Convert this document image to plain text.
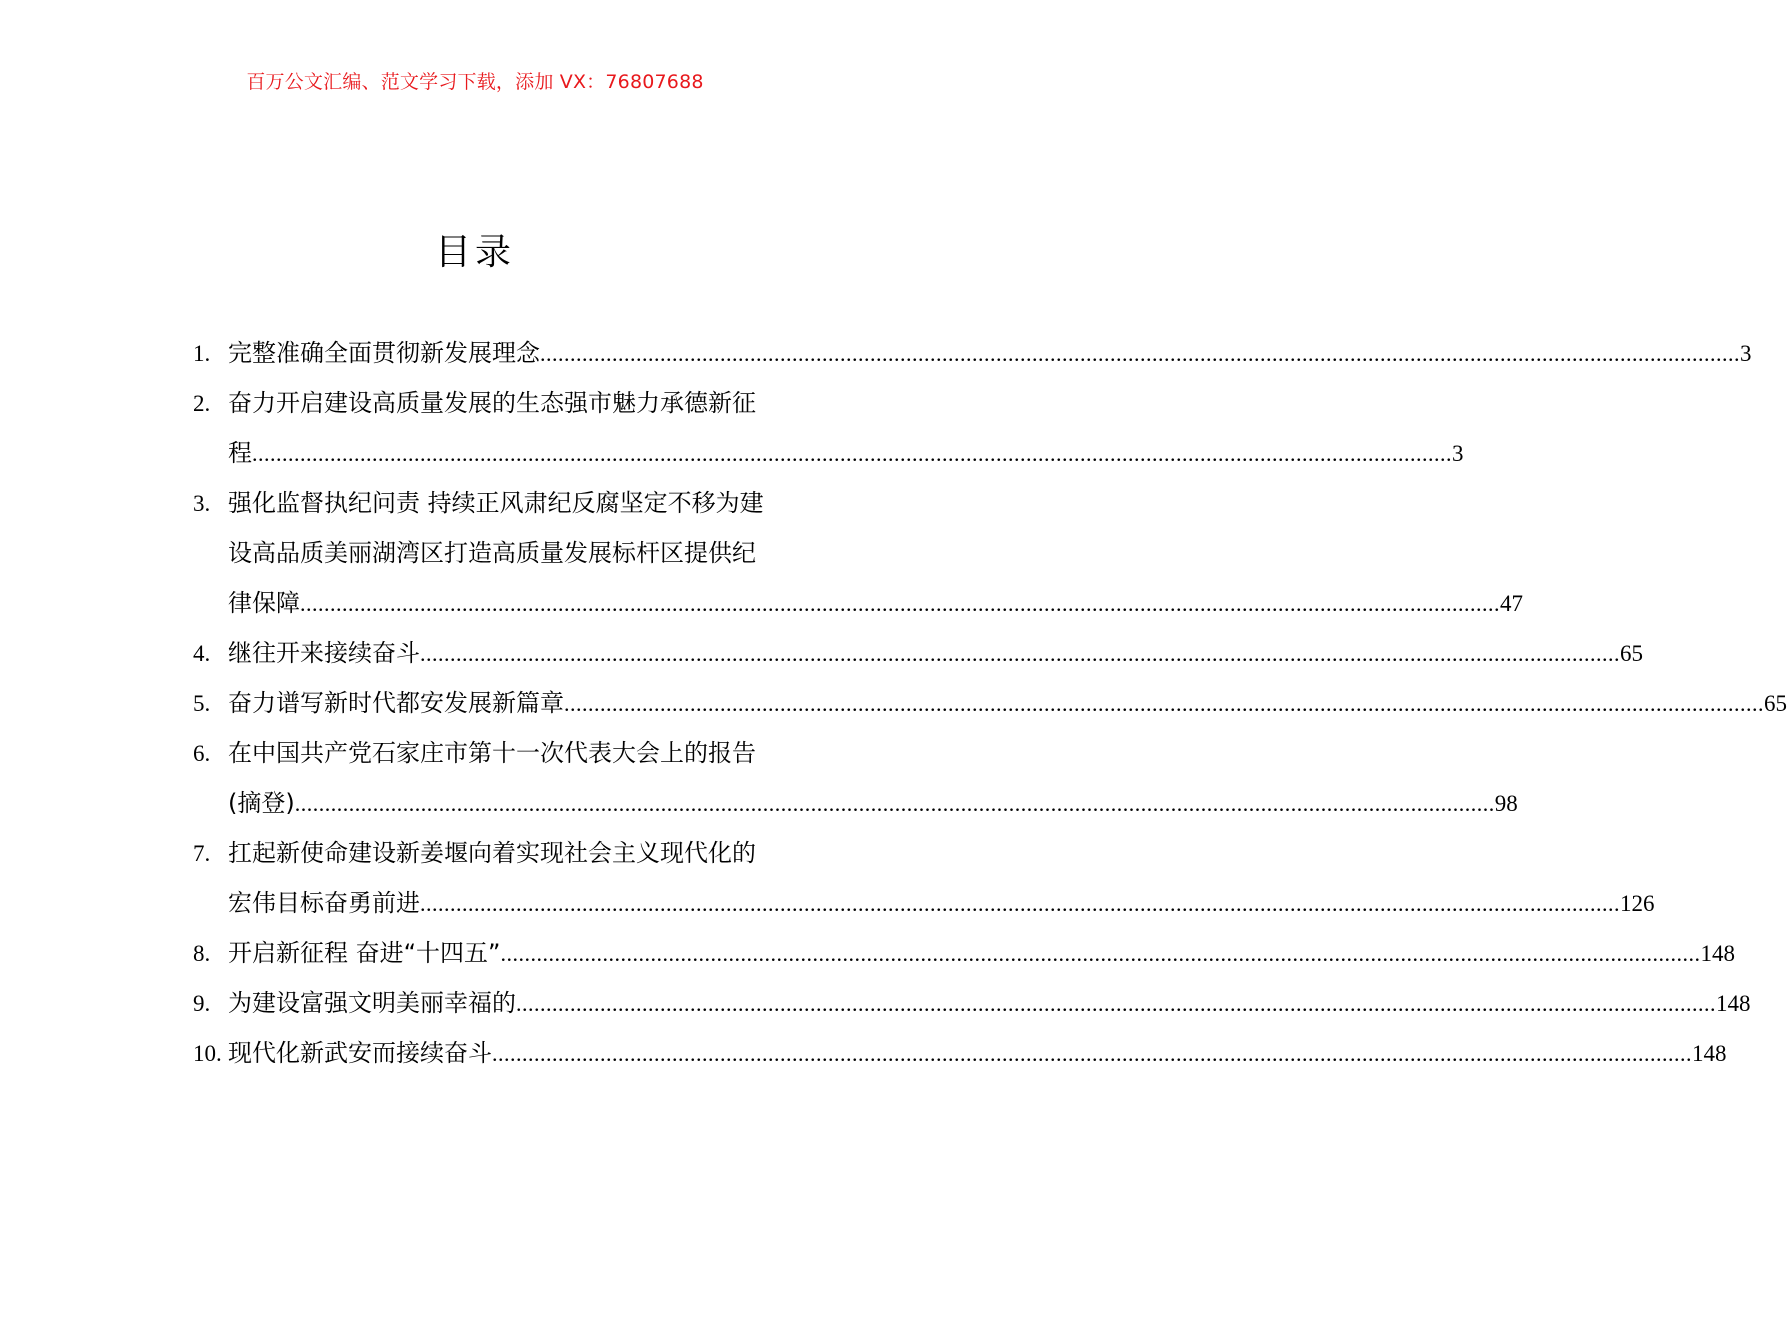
百万公文汇编、范文学习下载，添加 VX：76807688
目录
1. 完整准确全面贯彻新发展理念 ........................................................................................................................................................................................................ 3
2. 奋力开启建设高质量发展的生态强市魅力承德新征
程 ........................................................................................................................................................................................................ 3
3. 强化监督执纪问责 持续正风肃纪反腐坚定不移为建
设高品质美丽湖湾区打造高质量发展标杆区提供纪
律保障 ........................................................................................................................................................................................................ 47
4. 继往开来接续奋斗 ........................................................................................................................................................................................................ 65
5. 奋力谱写新时代都安发展新篇章 ........................................................................................................................................................................................................ 65
6. 在中国共产党石家庄市第十一次代表大会上的报告
(摘登) ........................................................................................................................................................................................................ 98
7. 扛起新使命建设新姜堰向着实现社会主义现代化的
宏伟目标奋勇前进 ........................................................................................................................................................................................................ 126
8. 开启新征程 奋进“十四五” ........................................................................................................................................................................................................ 148
9. 为建设富强文明美丽幸福的 ........................................................................................................................................................................................................ 148
10. 现代化新武安而接续奋斗 ........................................................................................................................................................................................................ 148
